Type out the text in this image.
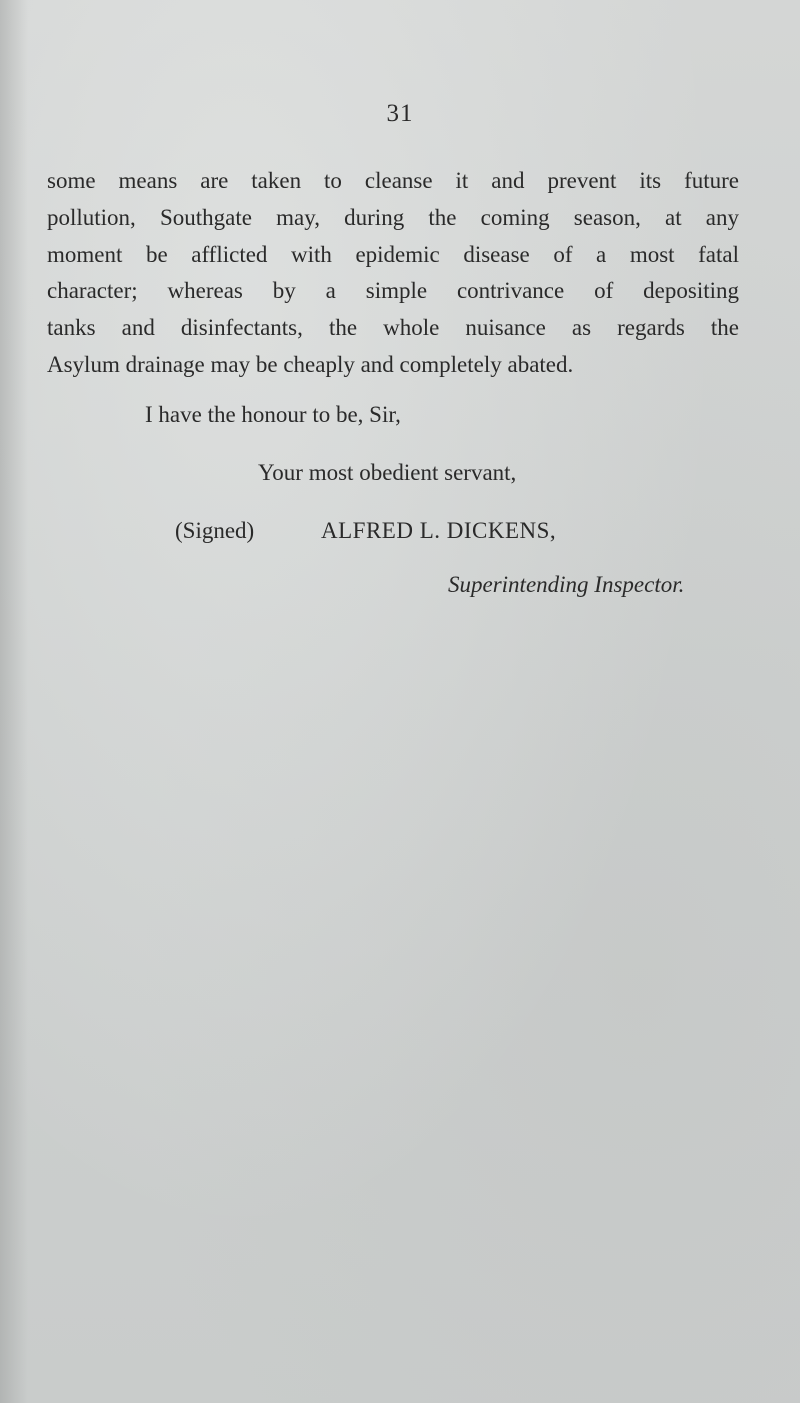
31

some means are taken to cleanse it and prevent its future
pollution, Southgate may, during the coming season, at any
moment be afflicted with epidemic disease of a most fatal
character; whereas by a simple contrivance of depositing
tanks and disinfectants, the whole nuisance as regards the
Asylum drainage may be cheaply and completely abated.

I have the honour to be, Sir,
Your most obedient servant,
(Signed)	ALFRED L. DICKENS,
Superintending Inspector.
